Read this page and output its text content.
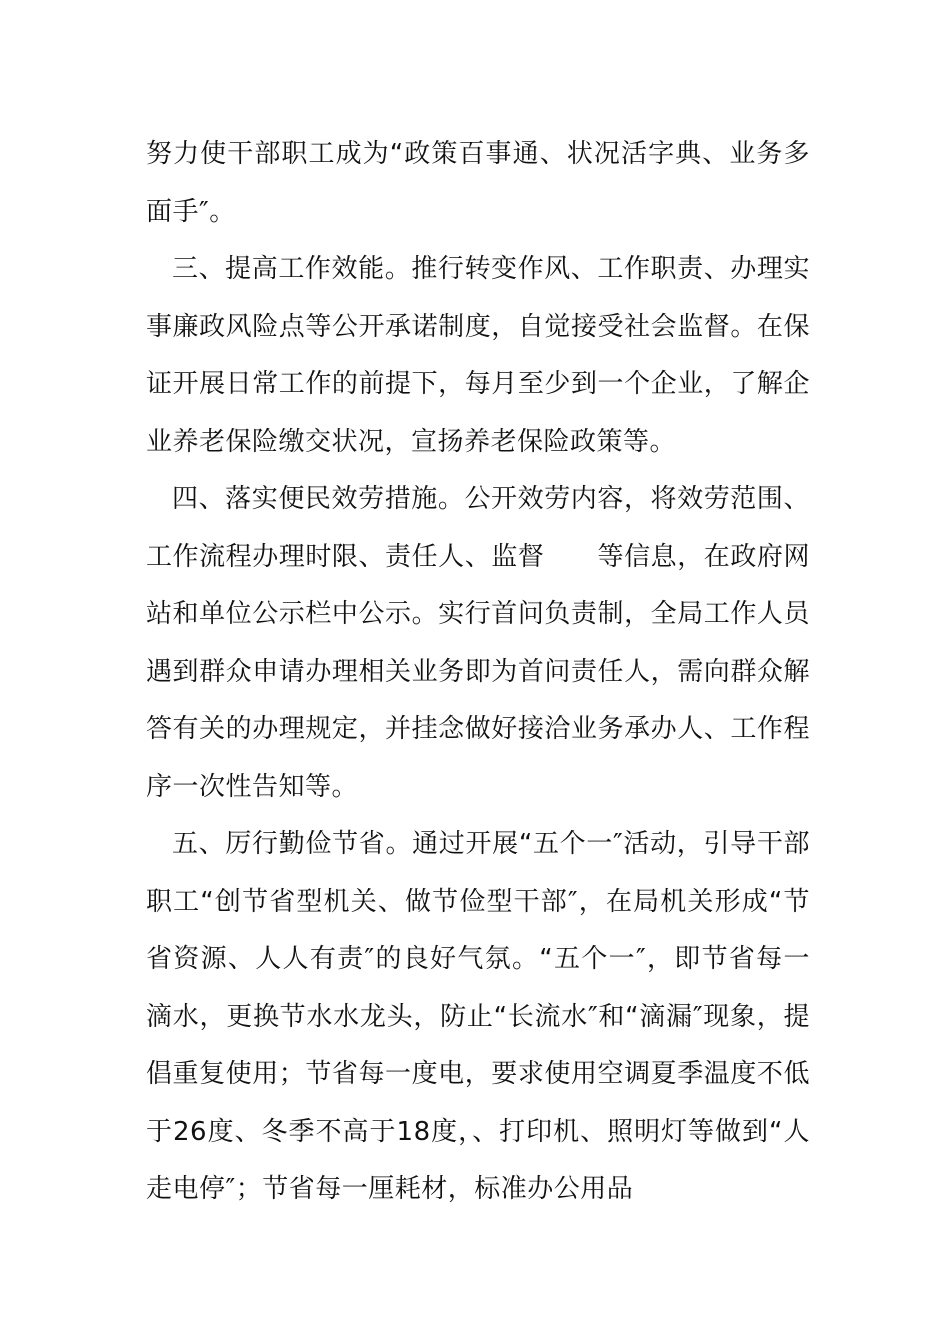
努力使干部职工成为“政策百事通、状况活字典、业务多面手″。

三、提高工作效能。推行转变作风、工作职责、办理实事廉政风险点等公开承诺制度，自觉接受社会监督。在保证开展日常工作的前提下，每月至少到一个企业，了解企业养老保险缴交状况，宣扬养老保险政策等。

四、落实便民效劳措施。公开效劳内容，将效劳范围、工作流程办理时限、责任人、监督　　等信息，在政府网站和单位公示栏中公示。实行首问负责制，全局工作人员遇到群众申请办理相关业务即为首问责任人，需向群众解答有关的办理规定，并挂念做好接洽业务承办人、工作程序一次性告知等。

五、厉行勤俭节省。通过开展“五个一″活动，引导干部职工“创节省型机关、做节俭型干部″，在局机关形成“节省资源、人人有责″的良好气氛。“五个一″，即节省每一滴水，更换节水水龙头，防止“长流水″和“滴漏″现象，提倡重复使用；节省每一度电，要求使用空调夏季温度不低于26度、冬季不高于18度，、打印机、照明灯等做到“人走电停″；节省每一厘耗材，标准办公用品
